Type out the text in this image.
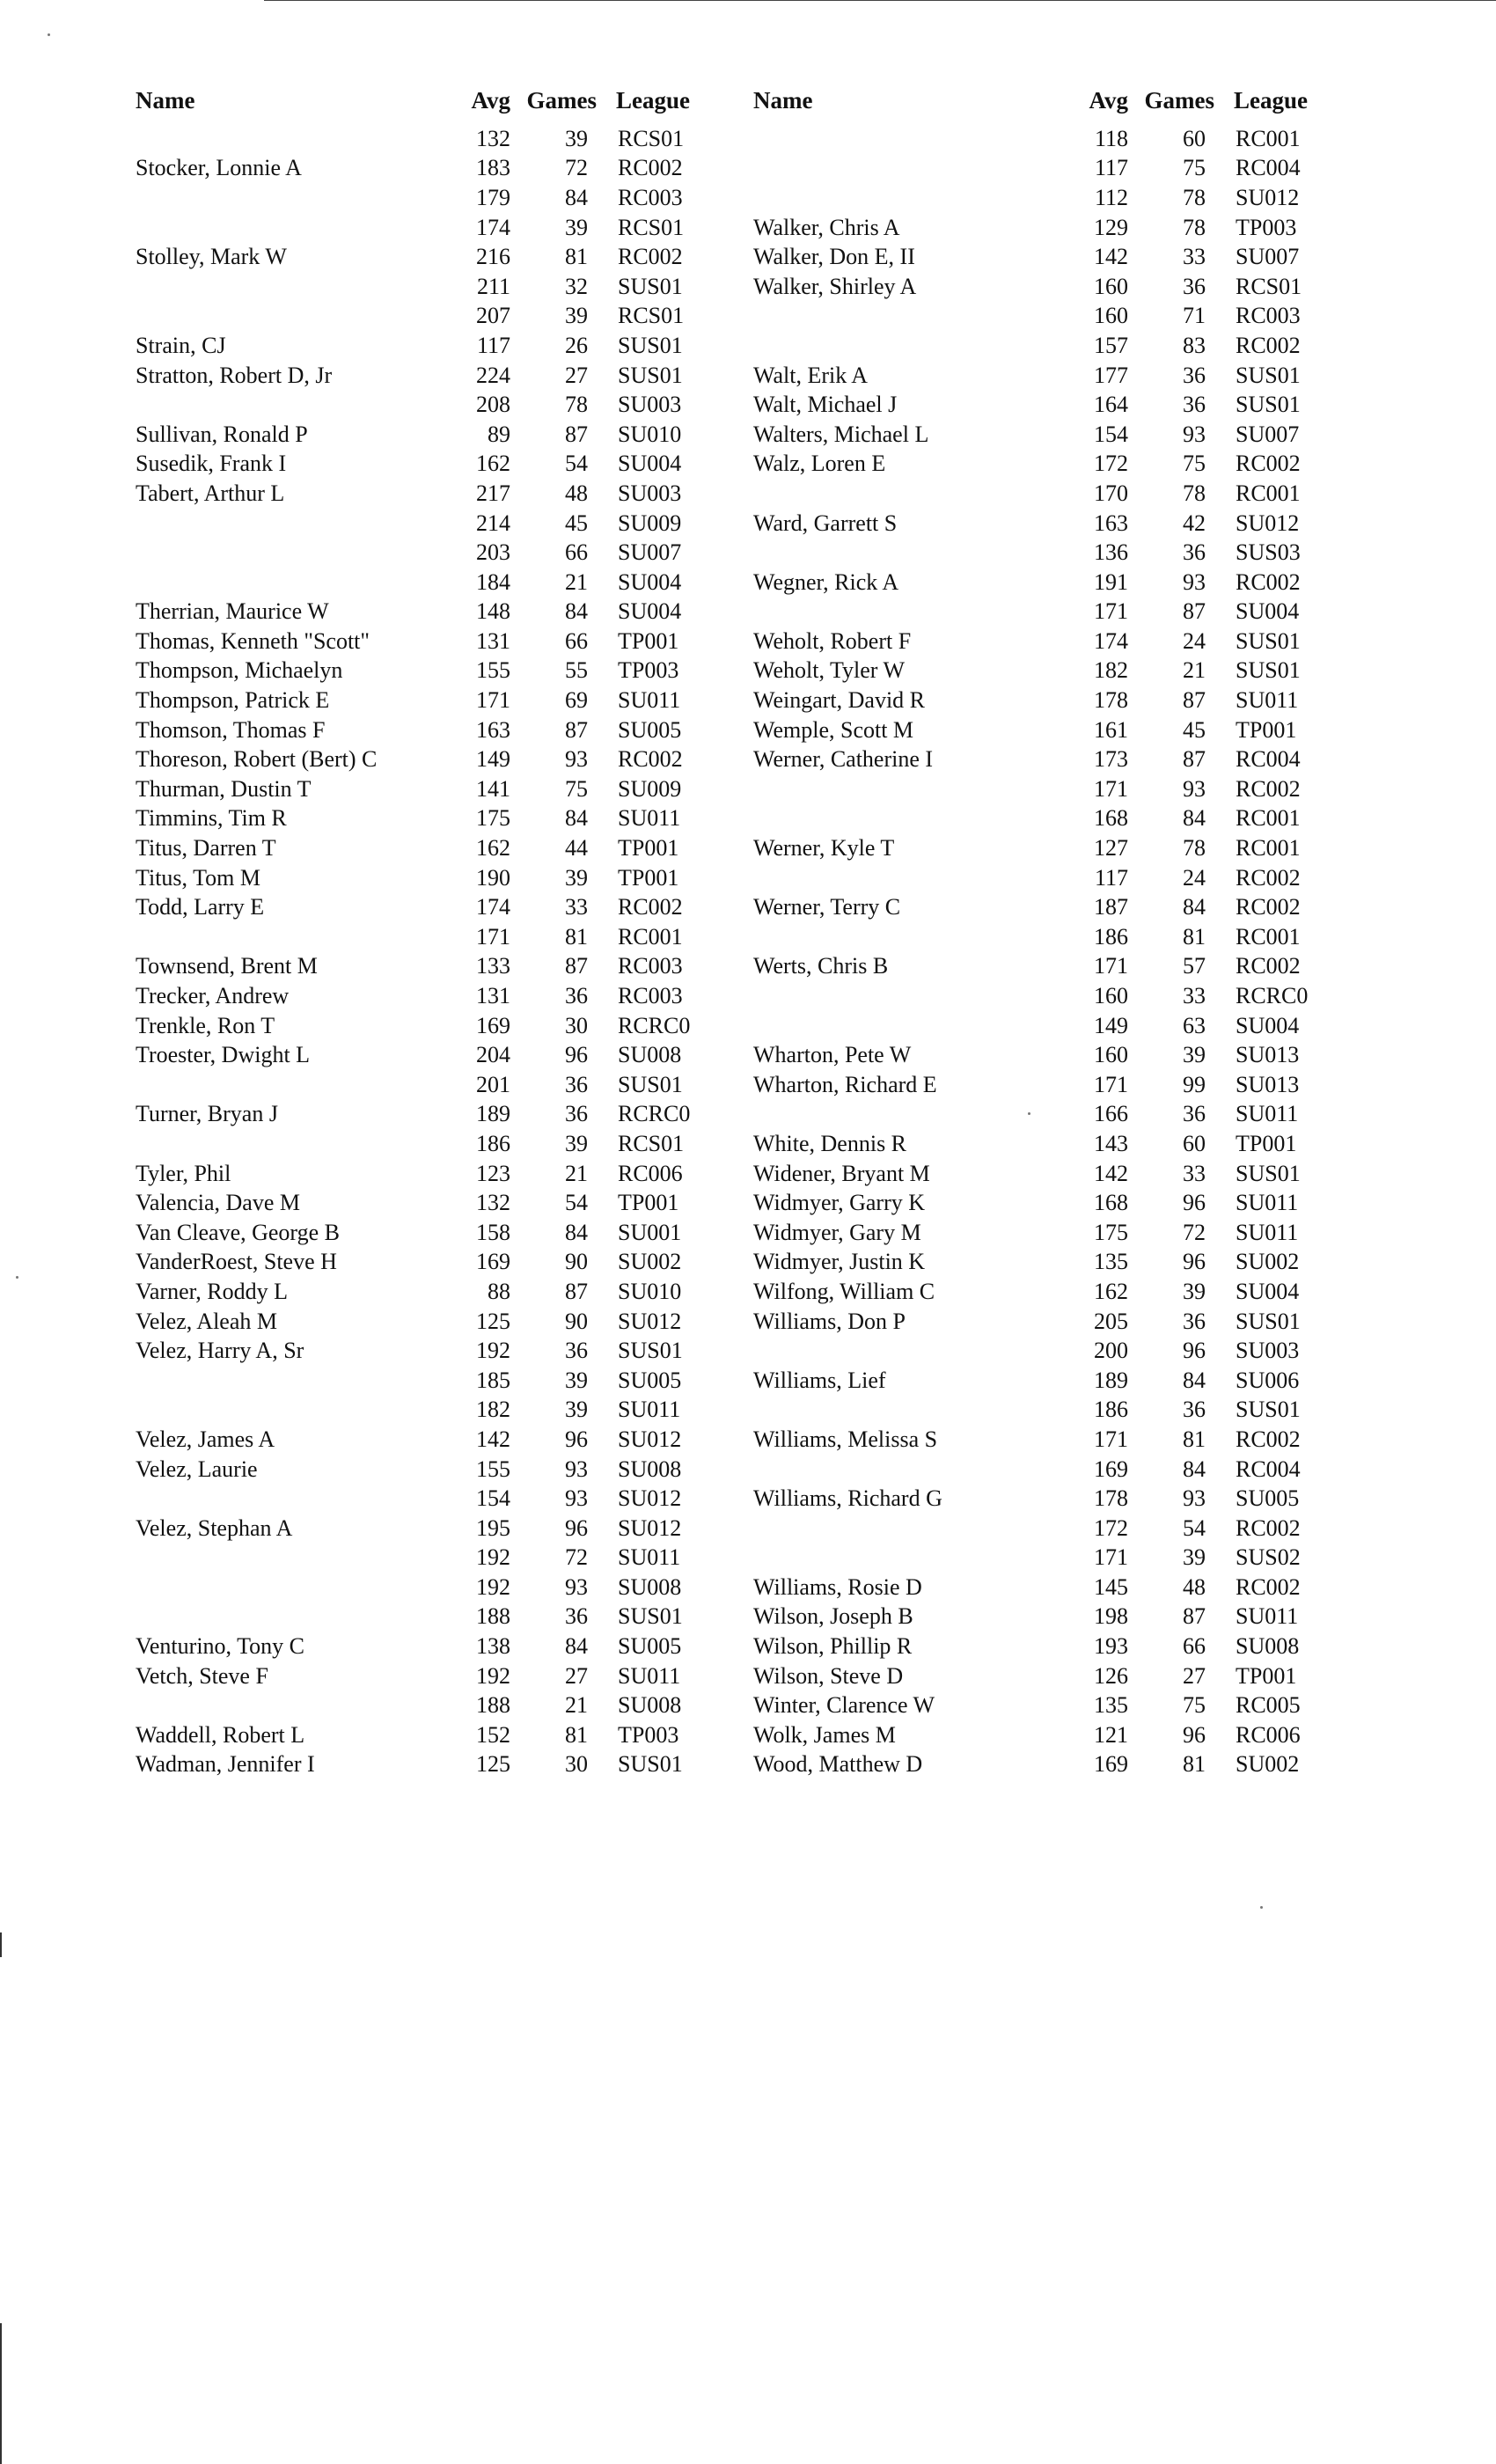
Name	Avg Games League
132	39	RCS01
Stocker, Lonnie A	183	72	RC002
179	84	RC003
174	39	RCS01
Stolley, Mark W	216	81	RC002
211	32	SUS01
207	39	RCS01
Strain, CJ	117	26	SUS01
Stratton, Robert D, Jr	224	27	SUS01
208	78	SU003
Sullivan, Ronald P	89	87	SU010
Susedik, Frank I	162	54	SU004
Tabert, Arthur L	217	48	SU003
214	45	SU009
203	66	SU007
184	21	SU004
Therrian, Maurice W	148	84	SU004
Thomas, Kenneth "Scott"	131	66	TP001
Thompson, Michaelyn	155	55	TP003
Thompson, Patrick E	171	69	SU011
Thomson, Thomas F	163	87	SU005
Thoreson, Robert (Bert) C	149	93	RC002
Thurman, Dustin T	141	75	SU009
Timmins, Tim R	175	84	SU011
Titus, Darren T	162	44	TP001
Titus, Tom M	190	39	TP001
Todd, Larry E	174	33	RC002
171	81	RC001
Townsend, Brent M	133	87	RC003
Trecker, Andrew	131	36	RC003
Trenkle, Ron T	169	30	RCRC0
Troester, Dwight L	204	96	SU008
201	36	SUS01
Turner, Bryan J	189	36	RCRC0
186	39	RCS01
Tyler, Phil	123	21	RC006
Valencia, Dave M	132	54	TP001
Van Cleave, George B	158	84	SU001
VanderRoest, Steve H	169	90	SU002
Varner, Roddy L	88	87	SU010
Velez, Aleah M	125	90	SU012
Velez, Harry A, Sr	192	36	SUS01
185	39	SU005
182	39	SU011
Velez, James A	142	96	SU012
Velez, Laurie	155	93	SU008
154	93	SU012
Velez, Stephan A	195	96	SU012
192	72	SU011
192	93	SU008
188	36	SUS01
Venturino, Tony C	138	84	SU005
Vetch, Steve F	192	27	SU011
188	21	SU008
Waddell, Robert L	152	81	TP003
Wadman, Jennifer I	125	30	SUS01
Name	Avg Games League
118	60	RC001
117	75	RC004
112	78	SU012
Walker, Chris A	129	78	TP003
Walker, Don E, II	142	33	SU007
Walker, Shirley A	160	36	RCS01
160	71	RC003
157	83	RC002
Walt, Erik A	177	36	SUS01
Walt, Michael J	164	36	SUS01
Walters, Michael L	154	93	SU007
Walz, Loren E	172	75	RC002
170	78	RC001
Ward, Garrett S	163	42	SU012
136	36	SUS03
Wegner, Rick A	191	93	RC002
171	87	SU004
Weholt, Robert F	174	24	SUS01
Weholt, Tyler W	182	21	SUS01
Weingart, David R	178	87	SU011
Wemple, Scott M	161	45	TP001
Werner, Catherine I	173	87	RC004
171	93	RC002
168	84	RC001
Werner, Kyle T	127	78	RC001
117	24	RC002
Werner, Terry C	187	84	RC002
186	81	RC001
Werts, Chris B	171	57	RC002
160	33	RCRC0
149	63	SU004
Wharton, Pete W	160	39	SU013
Wharton, Richard E	171	99	SU013
166	36	SU011
White, Dennis R	143	60	TP001
Widener, Bryant M	142	33	SUS01
Widmyer, Garry K	168	96	SU011
Widmyer, Gary M	175	72	SU011
Widmyer, Justin K	135	96	SU002
Wilfong, William C	162	39	SU004
Williams, Don P	205	36	SUS01
200	96	SU003
Williams, Lief	189	84	SU006
186	36	SUS01
Williams, Melissa S	171	81	RC002
169	84	RC004
Williams, Richard G	178	93	SU005
172	54	RC002
171	39	SUS02
Williams, Rosie D	145	48	RC002
Wilson, Joseph B	198	87	SU011
Wilson, Phillip R	193	66	SU008
Wilson, Steve D	126	27	TP001
Winter, Clarence W	135	75	RC005
Wolk, James M	121	96	RC006
Wood, Matthew D	169	81	SU002
